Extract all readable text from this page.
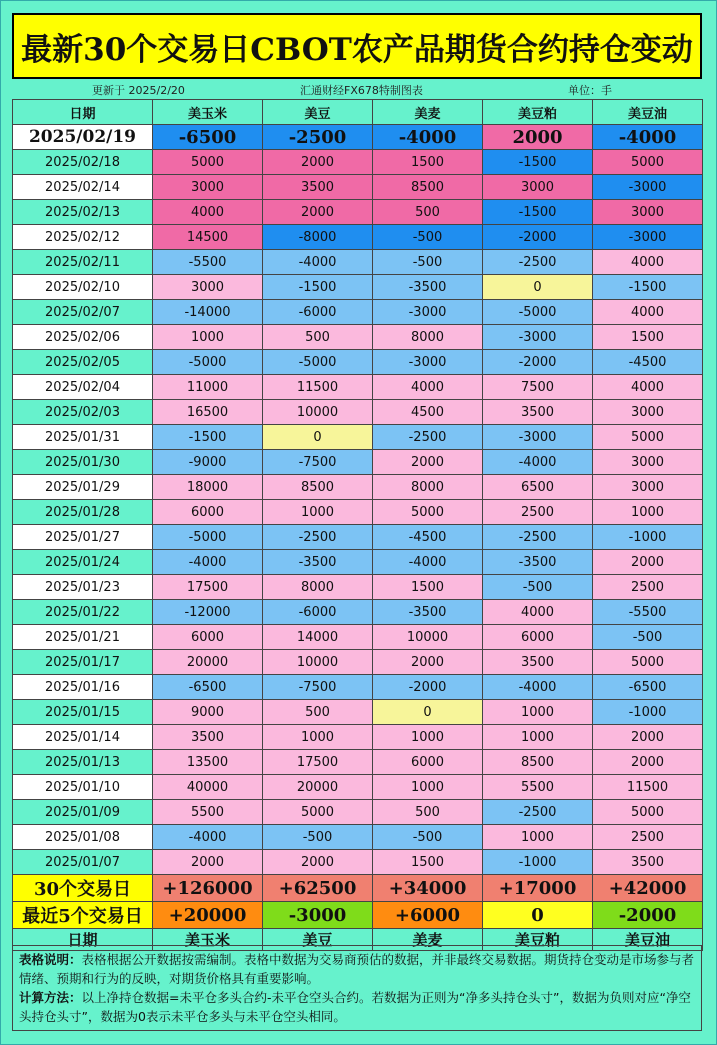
最新30个交易日CBOT农产品期货合约持仓变动
更新于 2025/2/20	汇通财经FX678特制图表	单位：手
日期	美玉米	美豆	美麦	美豆粕	美豆油
2025/02/19	-6500	-2500	-4000	2000	-4000
2025/02/18	5000	2000	1500	-1500	5000
2025/02/14	3000	3500	8500	3000	-3000
2025/02/13	4000	2000	500	-1500	3000
2025/02/12	14500	-8000	-500	-2000	-3000
2025/02/11	-5500	-4000	-500	-2500	4000
2025/02/10	3000	-1500	-3500	0	-1500
2025/02/07	-14000	-6000	-3000	-5000	4000
2025/02/06	1000	500	8000	-3000	1500
2025/02/05	-5000	-5000	-3000	-2000	-4500
2025/02/04	11000	11500	4000	7500	4000
2025/02/03	16500	10000	4500	3500	3000
2025/01/31	-1500	0	-2500	-3000	5000
2025/01/30	-9000	-7500	2000	-4000	3000
2025/01/29	18000	8500	8000	6500	3000
2025/01/28	6000	1000	5000	2500	1000
2025/01/27	-5000	-2500	-4500	-2500	-1000
2025/01/24	-4000	-3500	-4000	-3500	2000
2025/01/23	17500	8000	1500	-500	2500
2025/01/22	-12000	-6000	-3500	4000	-5500
2025/01/21	6000	14000	10000	6000	-500
2025/01/17	20000	10000	2000	3500	5000
2025/01/16	-6500	-7500	-2000	-4000	-6500
2025/01/15	9000	500	0	1000	-1000
2025/01/14	3500	1000	1000	1000	2000
2025/01/13	13500	17500	6000	8500	2000
2025/01/10	40000	20000	1000	5500	11500
2025/01/09	5500	5000	500	-2500	5000
2025/01/08	-4000	-500	-500	1000	2500
2025/01/07	2000	2000	1500	-1000	3500
30个交易日	+126000	+62500	+34000	+17000	+42000
最近5个交易日	+20000	-3000	+6000	0	-2000
日期	美玉米	美豆	美麦	美豆粕	美豆油
表格说明：表格根据公开数据按需编制。表格中数据为交易商预估的数据，并非最终交易数据。期货持仓变动是市场参与者情绪、预期和行为的反映，对期货价格具有重要影响。
计算方法：以上净持仓数据=未平仓多头合约-未平仓空头合约。若数据为正则为“净多头持仓头寸”，数据为负则对应“净空头持仓头寸”，数据为0表示未平仓多头与未平仓空头相同。
